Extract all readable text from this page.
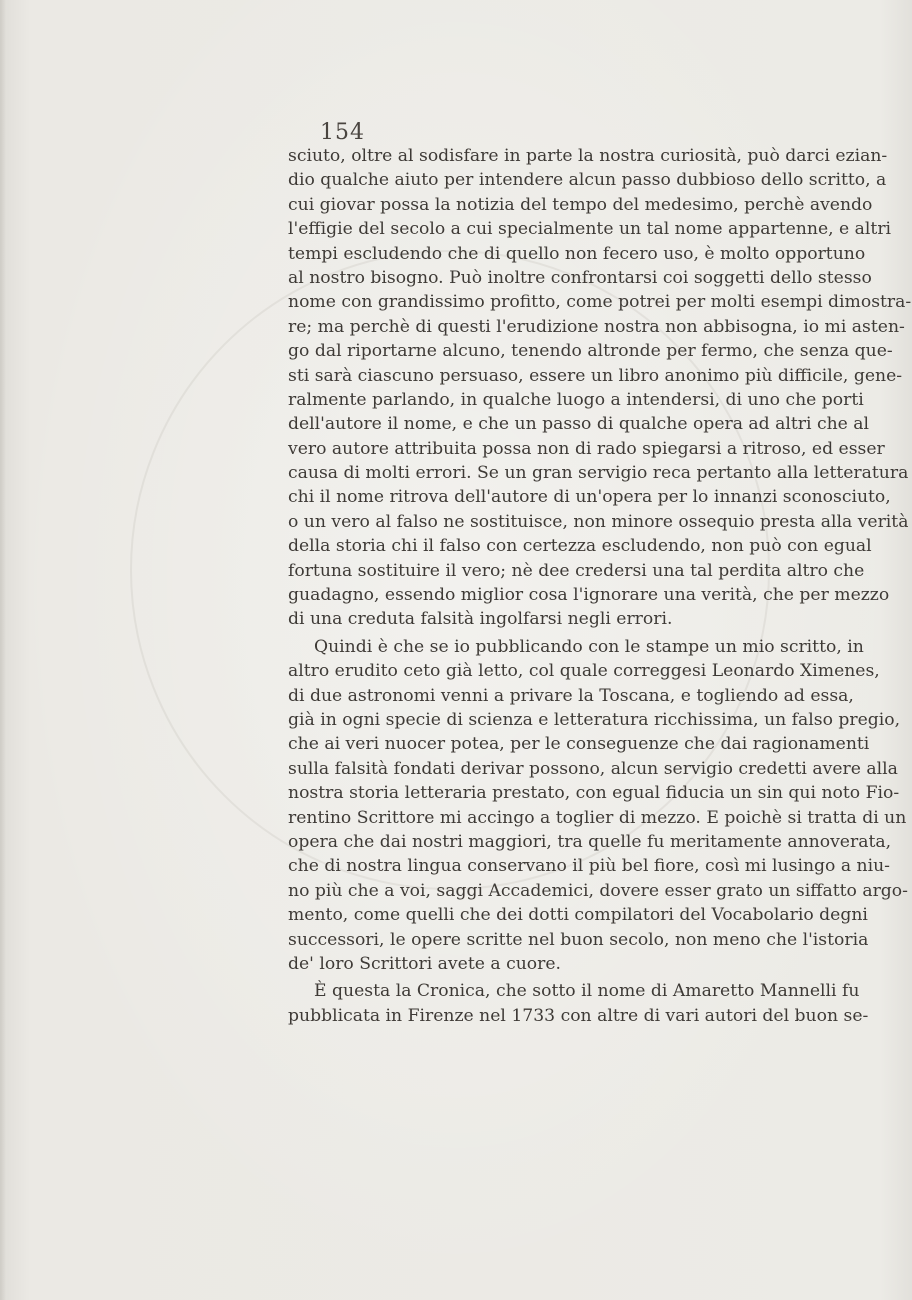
154
sciuto, oltre al sodisfare in parte la nostra curiosità, può darci ezian-
dio qualche aiuto per intendere alcun passo dubbioso dello scritto, a
cui giovar possa la notizia del tempo del medesimo, perchè avendo
l'effigie del secolo a cui specialmente un tal nome appartenne, e altri
tempi escludendo che di quello non fecero uso, è molto opportuno
al nostro bisogno. Può inoltre confrontarsi coi soggetti dello stesso
nome con grandissimo profitto, come potrei per molti esempi dimostra-
re; ma perchè di questi l'erudizione nostra non abbisogna, io mi asten-
go dal riportarne alcuno, tenendo altronde per fermo, che senza que-
sti sarà ciascuno persuaso, essere un libro anonimo più difficile, gene-
ralmente parlando, in qualche luogo a intendersi, di uno che porti
dell'autore il nome, e che un passo di qualche opera ad altri che al
vero autore attribuita possa non di rado spiegarsi a ritroso, ed esser
causa di molti errori. Se un gran servigio reca pertanto alla letteratura
chi il nome ritrova dell'autore di un'opera per lo innanzi sconosciuto,
o un vero al falso ne sostituisce, non minore ossequio presta alla verità
della storia chi il falso con certezza escludendo, non può con egual
fortuna sostituire il vero; nè dee credersi una tal perdita altro che
guadagno, essendo miglior cosa l'ignorare una verità, che per mezzo
di una creduta falsità ingolfarsi negli errori.
Quindi è che se io pubblicando con le stampe un mio scritto, in
altro erudito ceto già letto, col quale correggesi Leonardo Ximenes,
di due astronomi venni a privare la Toscana, e togliendo ad essa,
già in ogni specie di scienza e letteratura ricchissima, un falso pregio,
che ai veri nuocer potea, per le conseguenze che dai ragionamenti
sulla falsità fondati derivar possono, alcun servigio credetti avere alla
nostra storia letteraria prestato, con egual fiducia un sin qui noto Fio-
rentino Scrittore mi accingo a toglier di mezzo. E poichè si tratta di un
opera che dai nostri maggiori, tra quelle fu meritamente annoverata,
che di nostra lingua conservano il più bel fiore, così mi lusingo a niu-
no più che a voi, saggi Accademici, dovere esser grato un siffatto argo-
mento, come quelli che dei dotti compilatori del Vocabolario degni
successori, le opere scritte nel buon secolo, non meno che l'istoria
de' loro Scrittori avete a cuore.
È questa la Cronica, che sotto il nome di Amaretto Mannelli fu
pubblicata in Firenze nel 1733 con altre di vari autori del buon se-
